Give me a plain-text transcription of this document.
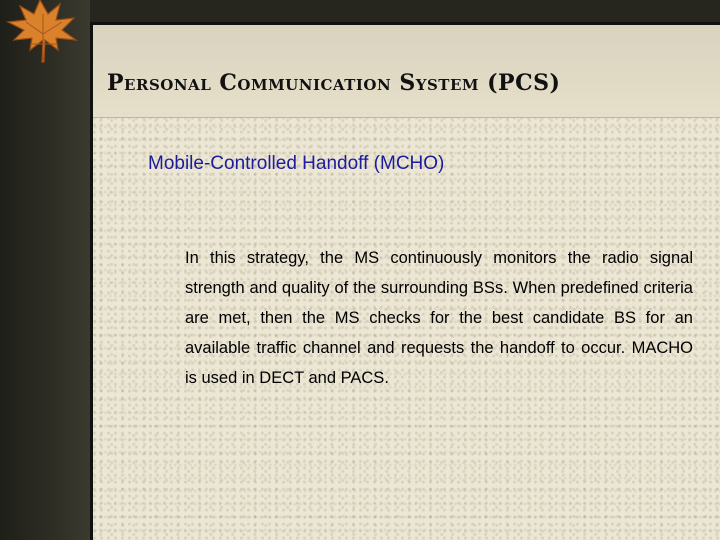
Personal Communication System (PCS)
Mobile-Controlled Handoff (MCHO)
In this strategy, the MS continuously monitors the radio signal strength and quality of the surrounding BSs. When predefined criteria are met, then the MS checks for the best candidate BS for an available traffic channel and requests the handoff to occur. MACHO is used in DECT and PACS.
